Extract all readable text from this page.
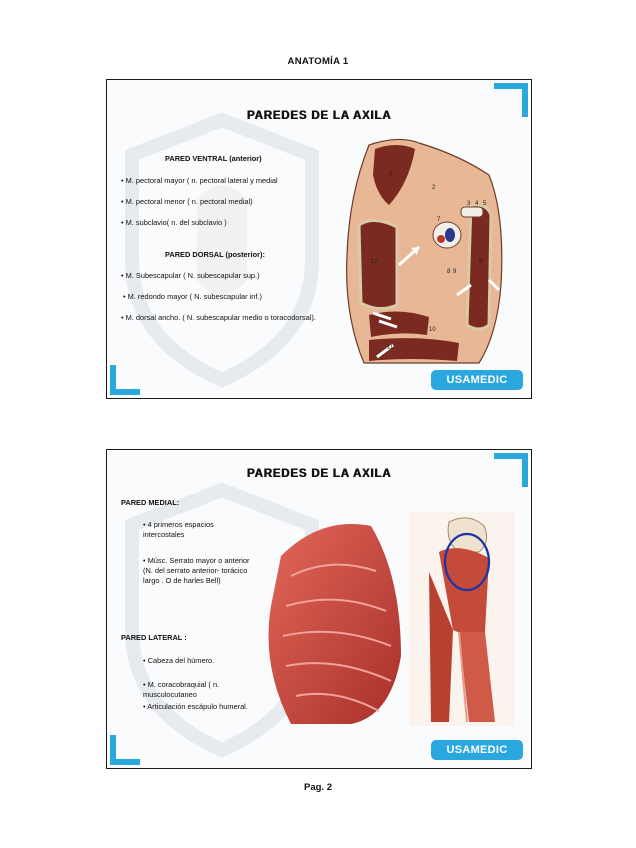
ANATOMÍA 1
PAREDES DE LA AXILA
PARED VENTRAL (anterior)
• M. pectoral mayor ( n. pectoral lateral y medial
• M. pectoral menor ( n. pectoral medial)
• M. subclavio( n. del subclavio )
PARED DORSAL (posterior):
• M. Subescapular ( N. subescapular sup.)
• M. redondo mayor ( N. subescapular inf.)
• M. dorsal ancho. ( N. subescapular medio o toracodorsal).
1
2
3 4 5
6
7
8 9
10
11
12
USAMEDIC
PAREDES DE LA AXILA
PARED MEDIAL:
• 4 primeros espacios intercostales
• Músc. Serrato mayor o anterior (N. del serrato anterior- torácico largo . O de harles Bell)
PARED LATERAL :
• Cabeza del húmero.
• M. coracobraquial ( n. musculocutaneo
• Articulación escápulo humeral.
USAMEDIC
Pag. 2
